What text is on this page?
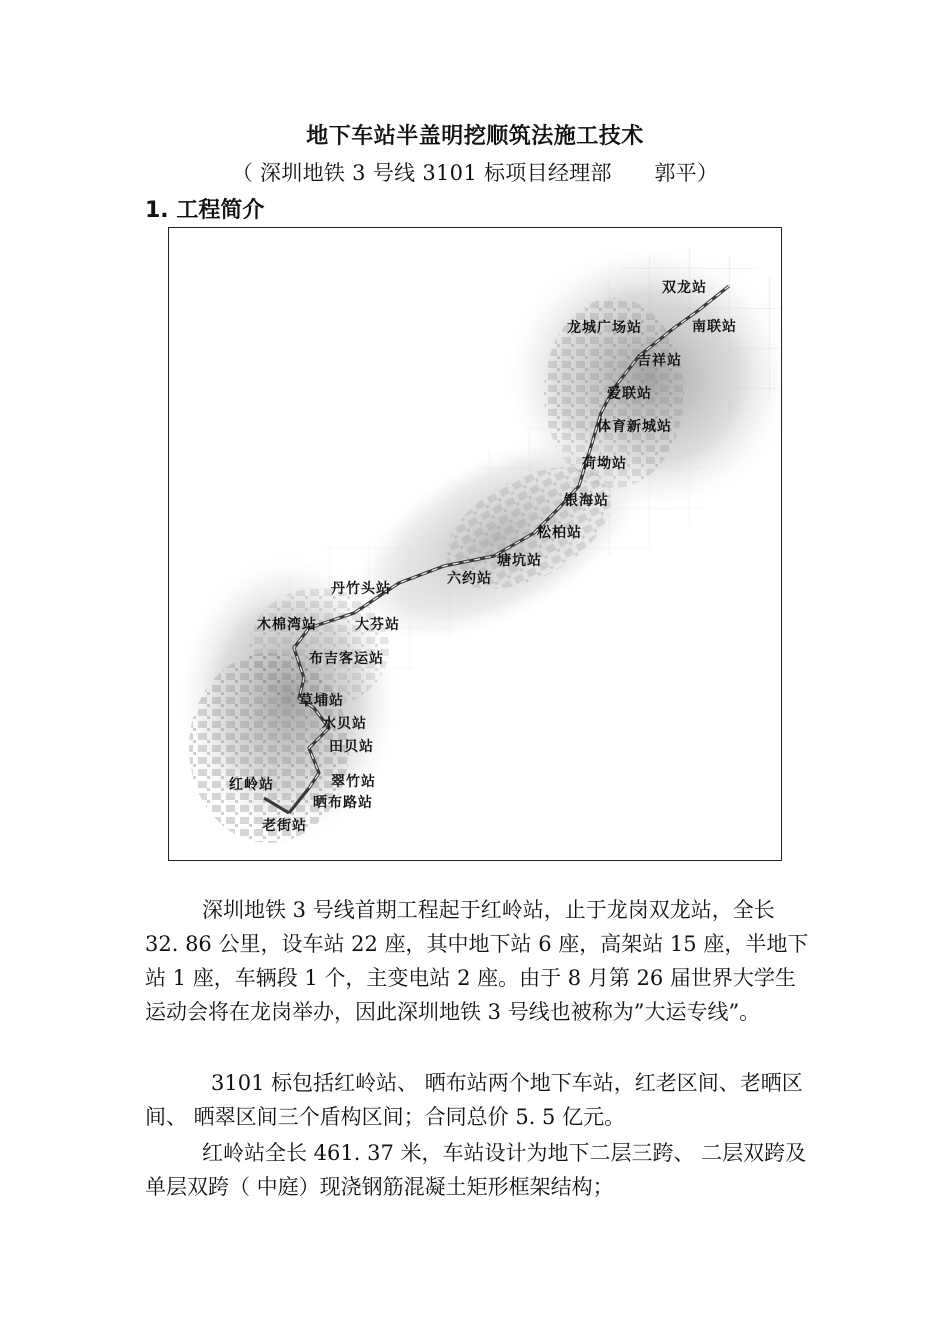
地下车站半盖明挖顺筑法施工技术
（ 深圳地铁 3 号线 3101 标项目经理部　　郭平）
1. 工程简介
双龙站
南联站
龙城广场站
吉祥站
爱联站
体育新城站
荷坳站
银海站
松柏站
塘坑站
六约站
丹竹头站
大芬站
木棉湾站
布吉客运站
草埔站
水贝站
田贝站
翠竹站
红岭站
晒布路站
老街站

深圳地铁 3 号线首期工程起于红岭站，止于龙岗双龙站，全长 32. 86 公里，设车站 22 座，其中地下站 6 座，高架站 15 座，半地下站 1 座，车辆段 1 个，主变电站 2 座。由于 8 月第 26 届世界大学生运动会将在龙岗举办，因此深圳地铁 3 号线也被称为”大运专线”。

3101 标包括红岭站、 晒布站两个地下车站，红老区间、老晒区间、 晒翠区间三个盾构区间；合同总价 5. 5 亿元。

红岭站全长 461. 37 米，车站设计为地下二层三跨、 二层双跨及单层双跨（ 中庭）现浇钢筋混凝土矩形框架结构；
